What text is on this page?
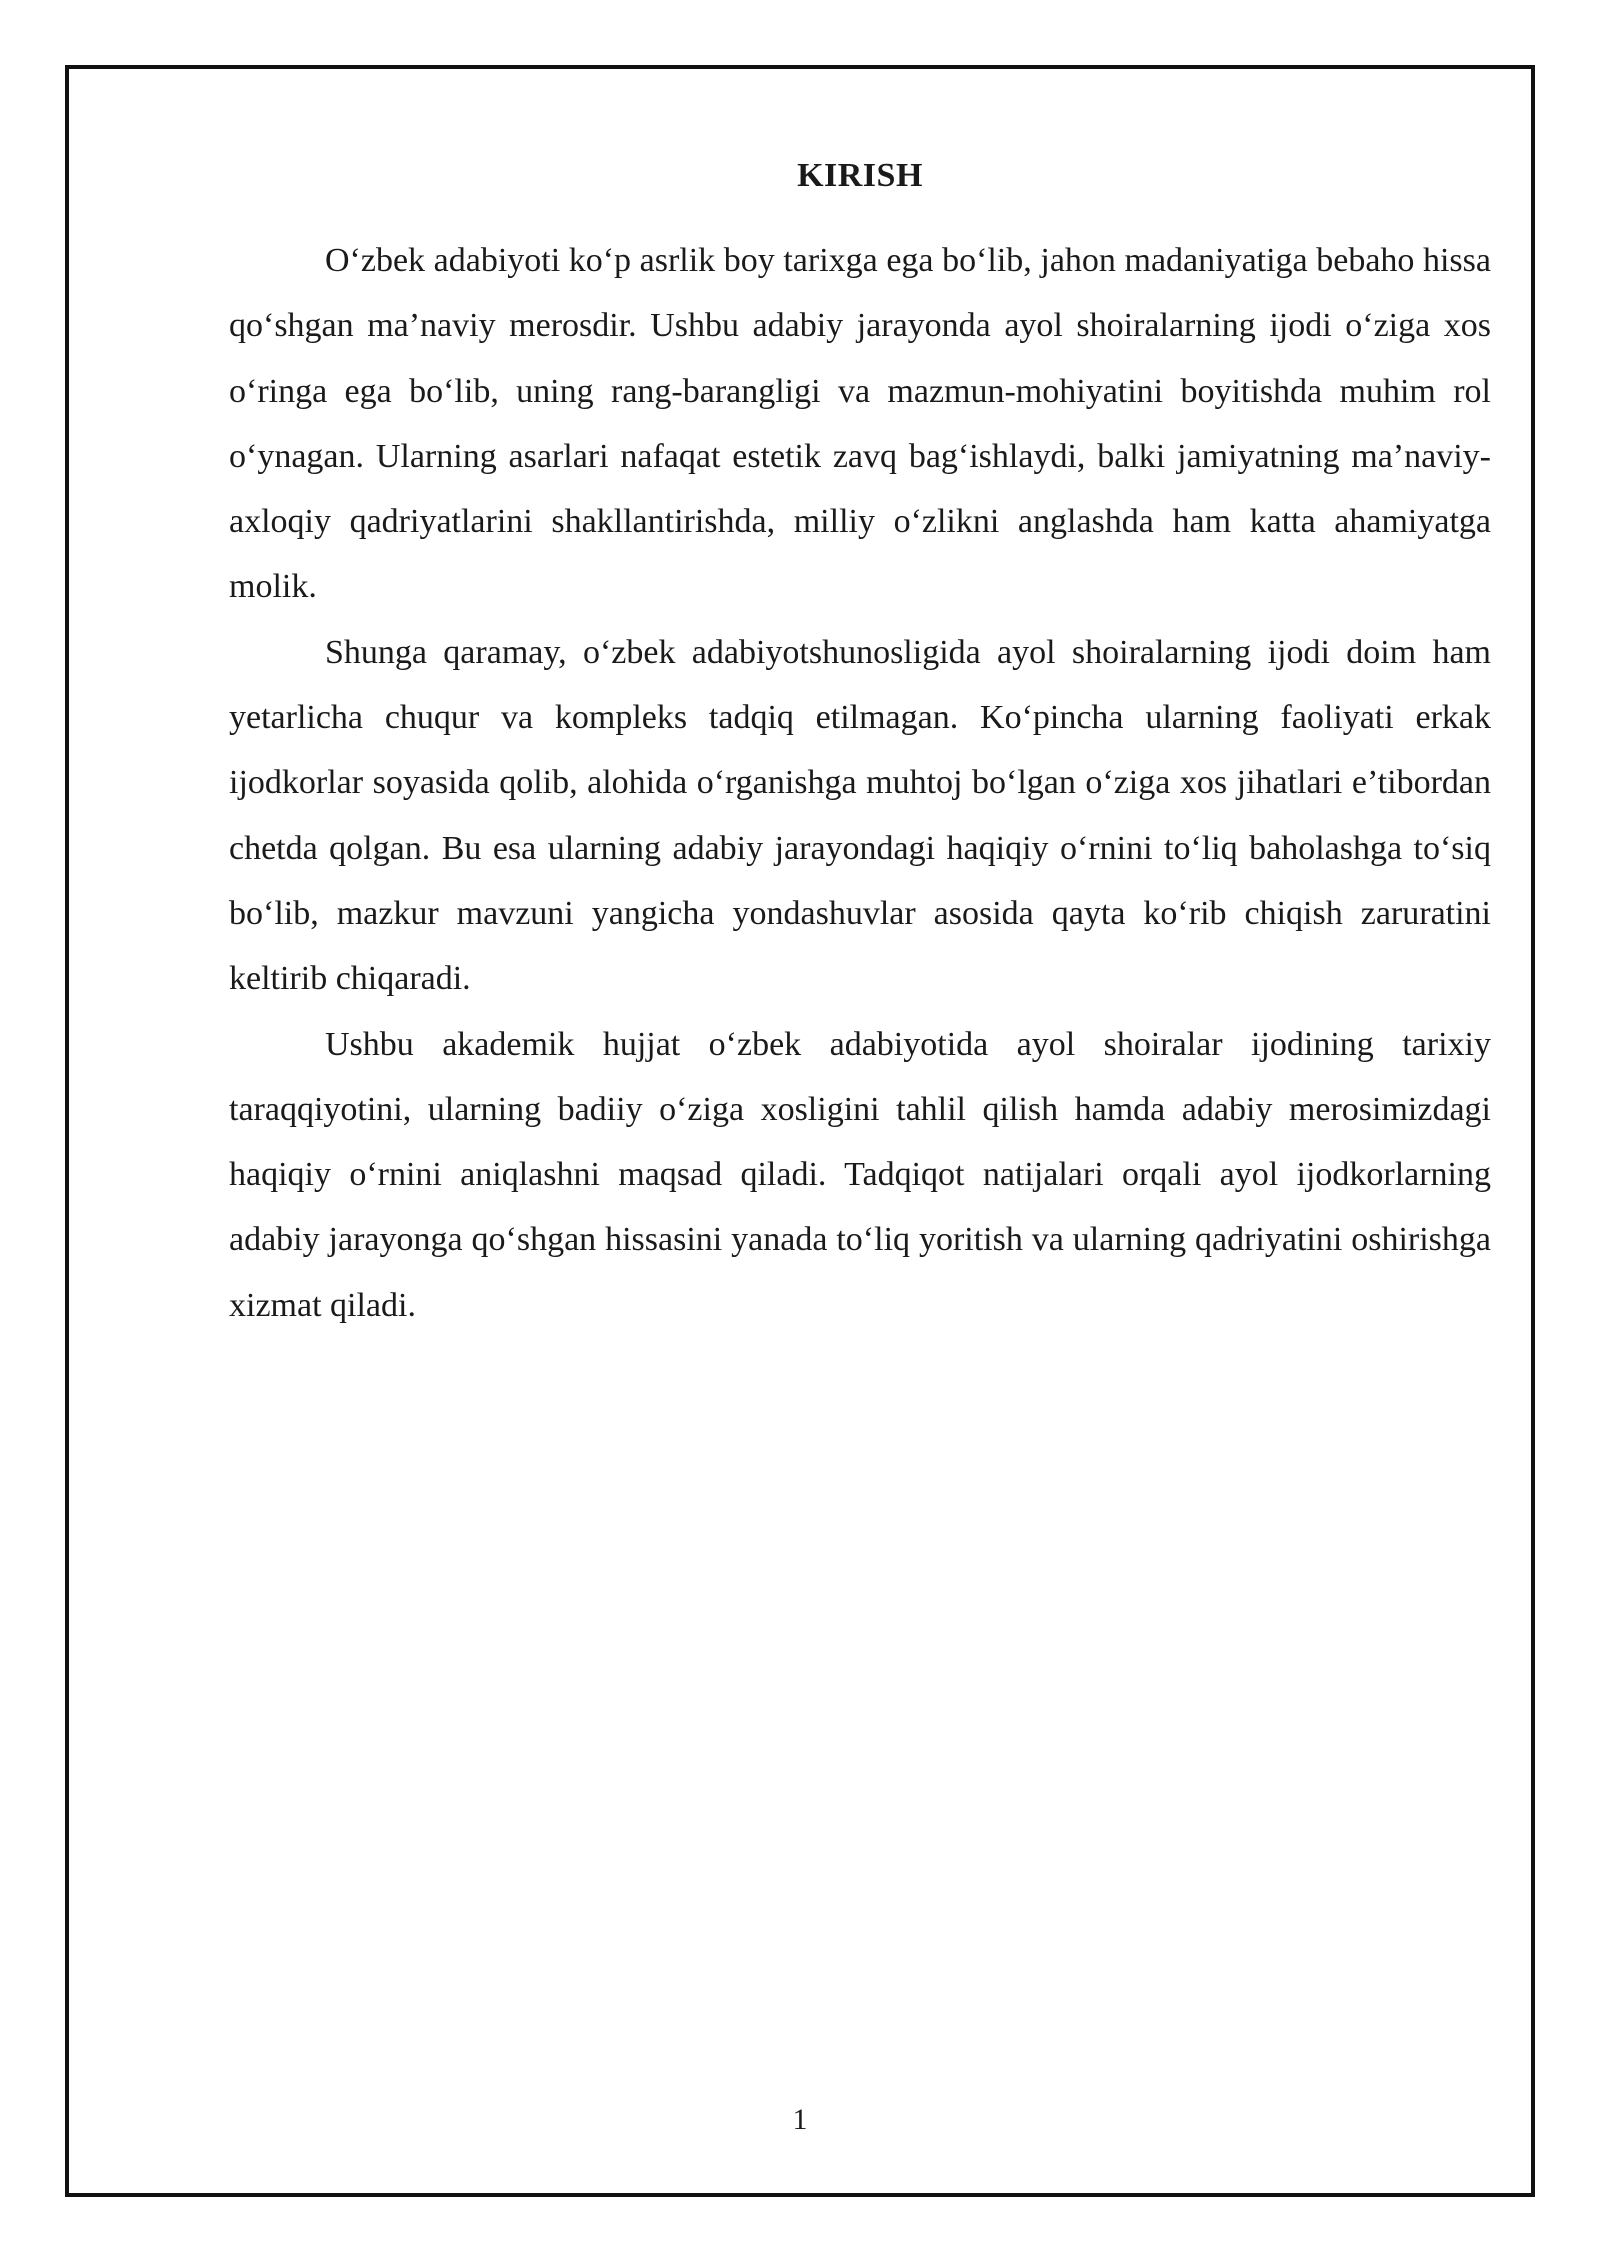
KIRISH

O‘zbek adabiyoti ko‘p asrlik boy tarixga ega bo‘lib, jahon madaniyatiga bebaho hissa qo‘shgan ma’naviy merosdir. Ushbu adabiy jarayonda ayol shoiralarning ijodi o‘ziga xos o‘ringa ega bo‘lib, uning rang-barangligi va mazmun-mohiyatini boyitishda muhim rol o‘ynagan. Ularning asarlari nafaqat estetik zavq bag‘ishlaydi, balki jamiyatning ma’naviy-axloqiy qadriyatlarini shakllantirishda, milliy o‘zlikni anglashda ham katta ahamiyatga molik.

Shunga qaramay, o‘zbek adabiyotshunosligida ayol shoiralarning ijodi doim ham yetarlicha chuqur va kompleks tadqiq etilmagan. Ko‘pincha ularning faoliyati erkak ijodkorlar soyasida qolib, alohida o‘rganishga muhtoj bo‘lgan o‘ziga xos jihatlari e’tibordan chetda qolgan. Bu esa ularning adabiy jarayondagi haqiqiy o‘rnini to‘liq baholashga to‘siq bo‘lib, mazkur mavzuni yangicha yondashuvlar asosida qayta ko‘rib chiqish zaruratini keltirib chiqaradi.

Ushbu akademik hujjat o‘zbek adabiyotida ayol shoiralar ijodining tarixiy taraqqiyotini, ularning badiiy o‘ziga xosligini tahlil qilish hamda adabiy merosimizdagi haqiqiy o‘rnini aniqlashni maqsad qiladi. Tadqiqot natijalari orqali ayol ijodkorlarning adabiy jarayonga qo‘shgan hissasini yanada to‘liq yoritish va ularning qadriyatini oshirishga xizmat qiladi.

1
